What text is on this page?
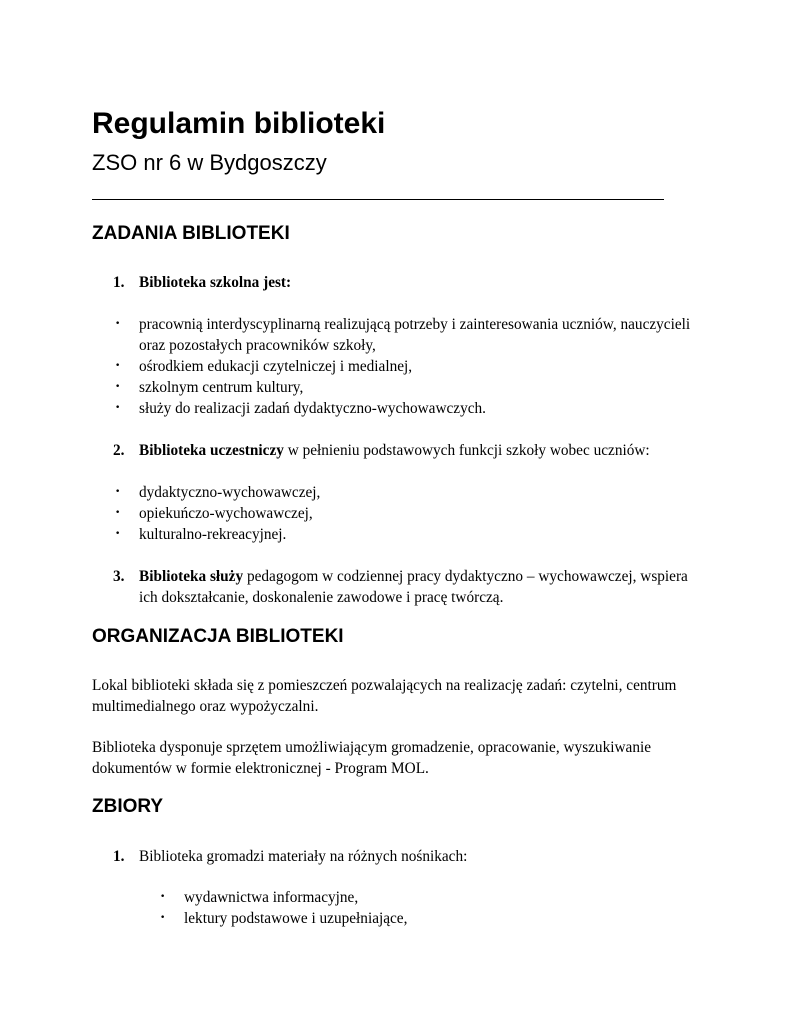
Regulamin biblioteki
ZSO nr 6 w Bydgoszczy
ZADANIA BIBLIOTEKI
1. Biblioteka szkolna jest:
• pracownią interdyscyplinarną realizującą potrzeby i zainteresowania uczniów, nauczycieli
oraz pozostałych pracowników szkoły,
• ośrodkiem edukacji czytelniczej i medialnej,
• szkolnym centrum kultury,
• służy do realizacji zadań dydaktyczno-wychowawczych.
2. Biblioteka uczestniczy w pełnieniu podstawowych funkcji szkoły wobec uczniów:
• dydaktyczno-wychowawczej,
• opiekuńczo-wychowawczej,
• kulturalno-rekreacyjnej.
3. Biblioteka służy pedagogom w codziennej pracy dydaktyczno – wychowawczej, wspiera
ich dokształcanie, doskonalenie zawodowe i pracę twórczą.
ORGANIZACJA BIBLIOTEKI
Lokal biblioteki składa się z pomieszczeń pozwalających na realizację zadań: czytelni, centrum
multimedialnego oraz wypożyczalni.
Biblioteka dysponuje sprzętem umożliwiającym gromadzenie, opracowanie, wyszukiwanie
dokumentów w formie elektronicznej - Program MOL.
ZBIORY
1. Biblioteka gromadzi materiały na różnych nośnikach:
• wydawnictwa informacyjne,
• lektury podstawowe i uzupełniające,
